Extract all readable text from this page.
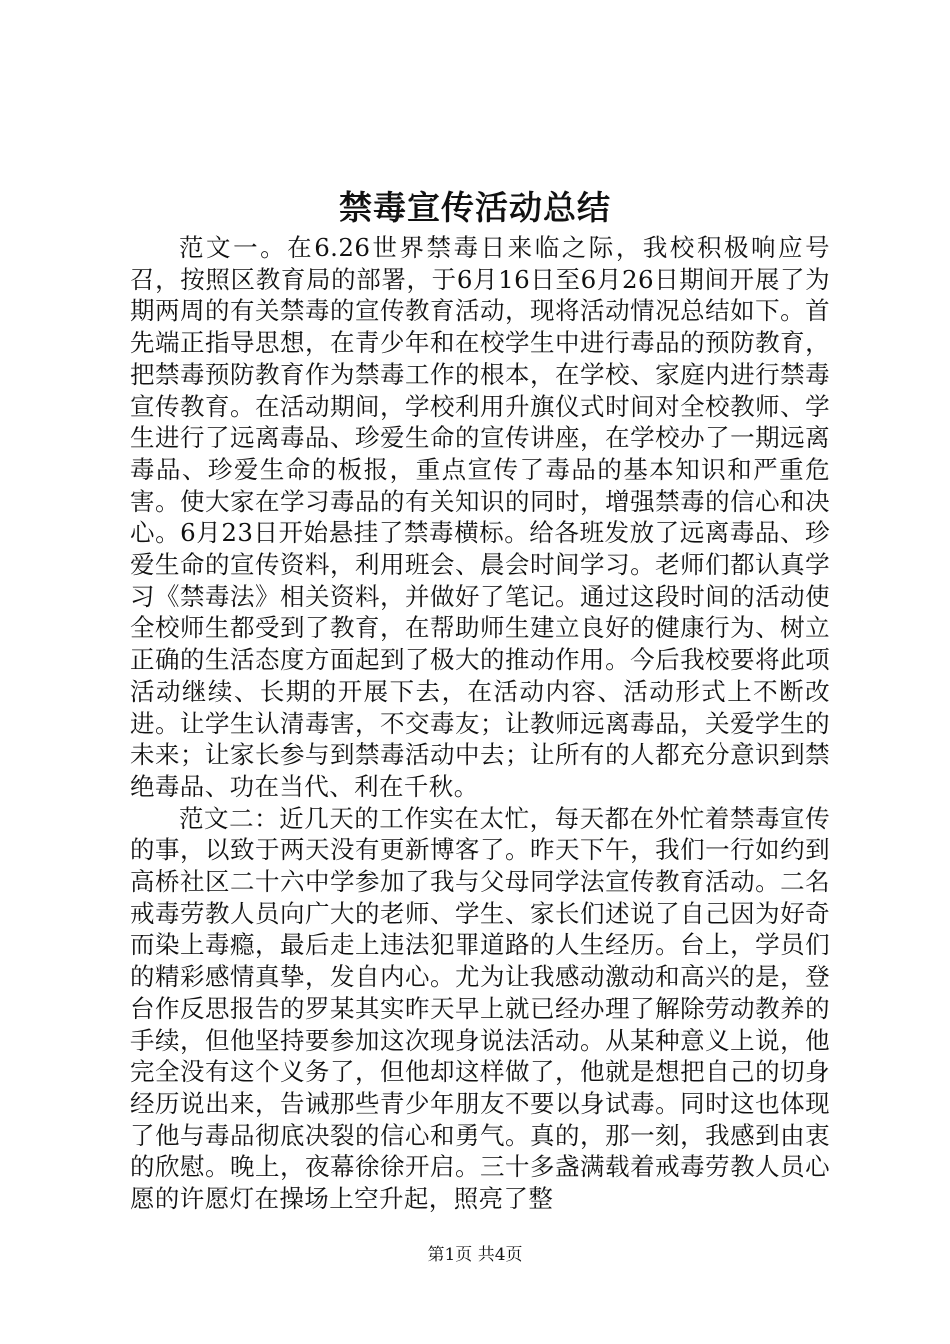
禁毒宣传活动总结

范文一。在6.26世界禁毒日来临之际，我校积极响应号召，按照区教育局的部署，于6月16日至6月26日期间开展了为期两周的有关禁毒的宣传教育活动，现将活动情况总结如下。首先端正指导思想，在青少年和在校学生中进行毒品的预防教育，把禁毒预防教育作为禁毒工作的根本，在学校、家庭内进行禁毒宣传教育。在活动期间，学校利用升旗仪式时间对全校教师、学生进行了远离毒品、珍爱生命的宣传讲座，在学校办了一期远离毒品、珍爱生命的板报，重点宣传了毒品的基本知识和严重危害。使大家在学习毒品的有关知识的同时，增强禁毒的信心和决心。6月23日开始悬挂了禁毒横标。给各班发放了远离毒品、珍爱生命的宣传资料，利用班会、晨会时间学习。老师们都认真学习《禁毒法》相关资料，并做好了笔记。通过这段时间的活动使全校师生都受到了教育，在帮助师生建立良好的健康行为、树立正确的生活态度方面起到了极大的推动作用。今后我校要将此项活动继续、长期的开展下去，在活动内容、活动形式上不断改进。让学生认清毒害，不交毒友；让教师远离毒品，关爱学生的未来；让家长参与到禁毒活动中去；让所有的人都充分意识到禁绝毒品、功在当代、利在千秋。

范文二：近几天的工作实在太忙，每天都在外忙着禁毒宣传的事，以致于两天没有更新博客了。昨天下午，我们一行如约到高桥社区二十六中学参加了我与父母同学法宣传教育活动。二名戒毒劳教人员向广大的老师、学生、家长们述说了自己因为好奇而染上毒瘾，最后走上违法犯罪道路的人生经历。台上，学员们的精彩感情真挚，发自内心。尤为让我感动激动和高兴的是，登台作反思报告的罗某其实昨天早上就已经办理了解除劳动教养的手续，但他坚持要参加这次现身说法活动。从某种意义上说，他完全没有这个义务了，但他却这样做了，他就是想把自己的切身经历说出来，告诫那些青少年朋友不要以身试毒。同时这也体现了他与毒品彻底决裂的信心和勇气。真的，那一刻，我感到由衷的欣慰。晚上，夜幕徐徐开启。三十多盏满载着戒毒劳教人员心愿的许愿灯在操场上空升起，照亮了整

第1页 共4页
